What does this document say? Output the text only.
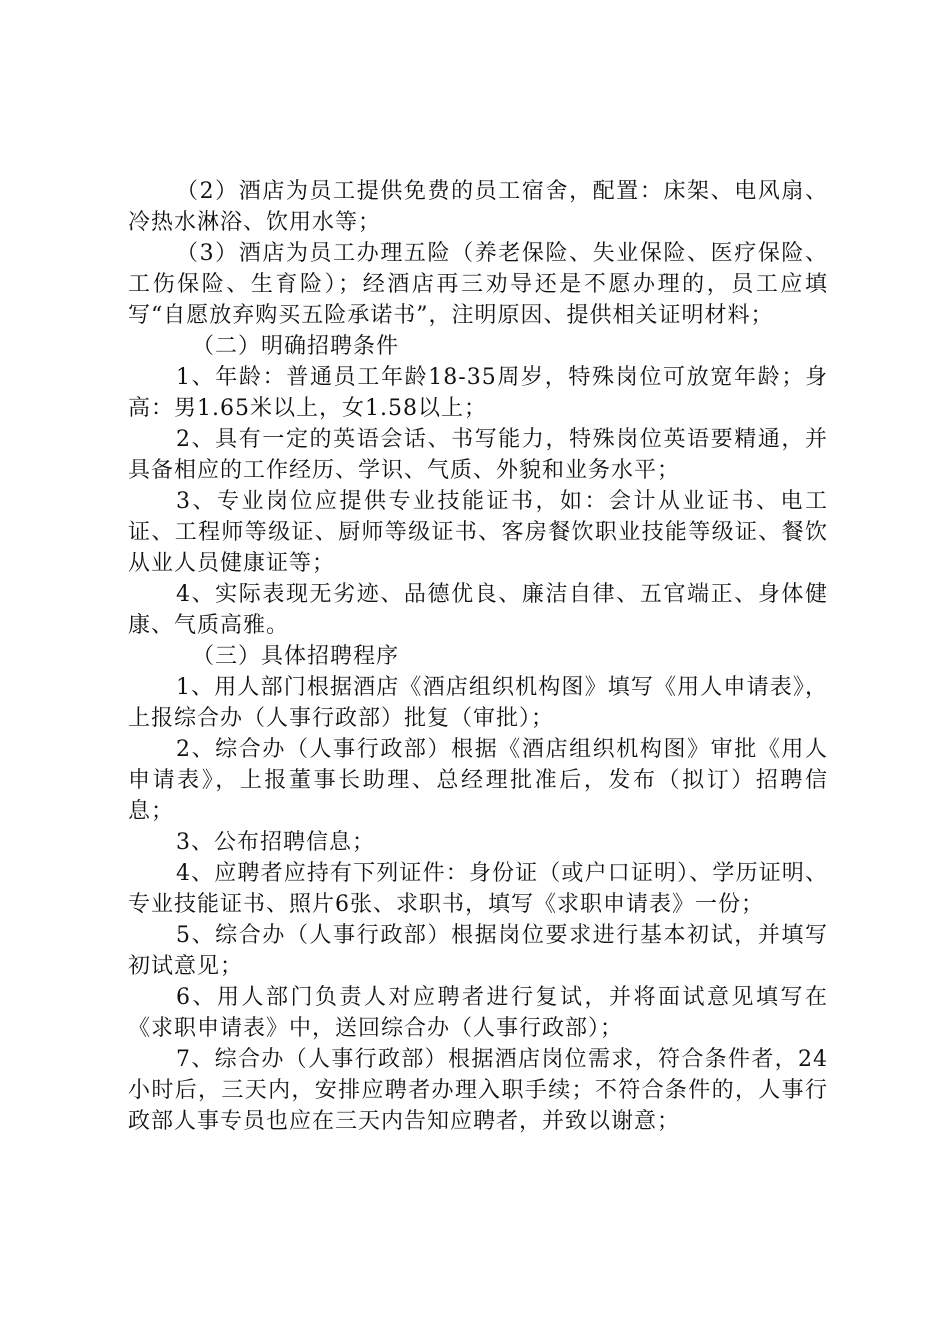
（2）酒店为员工提供免费的员工宿舍，配置：床架、电风扇、冷热水淋浴、饮用水等；

（3）酒店为员工办理五险（养老保险、失业保险、医疗保险、工伤保险、生育险）；经酒店再三劝导还是不愿办理的，员工应填写“自愿放弃购买五险承诺书”，注明原因、提供相关证明材料；

（二）明确招聘条件

1、年龄：普通员工年龄18-35周岁，特殊岗位可放宽年龄；身高：男1.65米以上，女1.58以上；

2、具有一定的英语会话、书写能力，特殊岗位英语要精通，并具备相应的工作经历、学识、气质、外貌和业务水平；

3、专业岗位应提供专业技能证书，如：会计从业证书、电工证、工程师等级证、厨师等级证书、客房餐饮职业技能等级证、餐饮从业人员健康证等；

4、实际表现无劣迹、品德优良、廉洁自律、五官端正、身体健康、气质高雅。

（三）具体招聘程序

1、用人部门根据酒店《酒店组织机构图》填写《用人申请表》，上报综合办（人事行政部）批复（审批）；

2、综合办（人事行政部）根据《酒店组织机构图》审批《用人申请表》，上报董事长助理、总经理批准后，发布（拟订）招聘信息；

3、公布招聘信息；

4、应聘者应持有下列证件：身份证（或户口证明）、学历证明、专业技能证书、照片6张、求职书，填写《求职申请表》一份；

5、综合办（人事行政部）根据岗位要求进行基本初试，并填写初试意见；

6、用人部门负责人对应聘者进行复试，并将面试意见填写在《求职申请表》中，送回综合办（人事行政部）；

7、综合办（人事行政部）根据酒店岗位需求，符合条件者，24小时后，三天内，安排应聘者办理入职手续；不符合条件的，人事行政部人事专员也应在三天内告知应聘者，并致以谢意；
